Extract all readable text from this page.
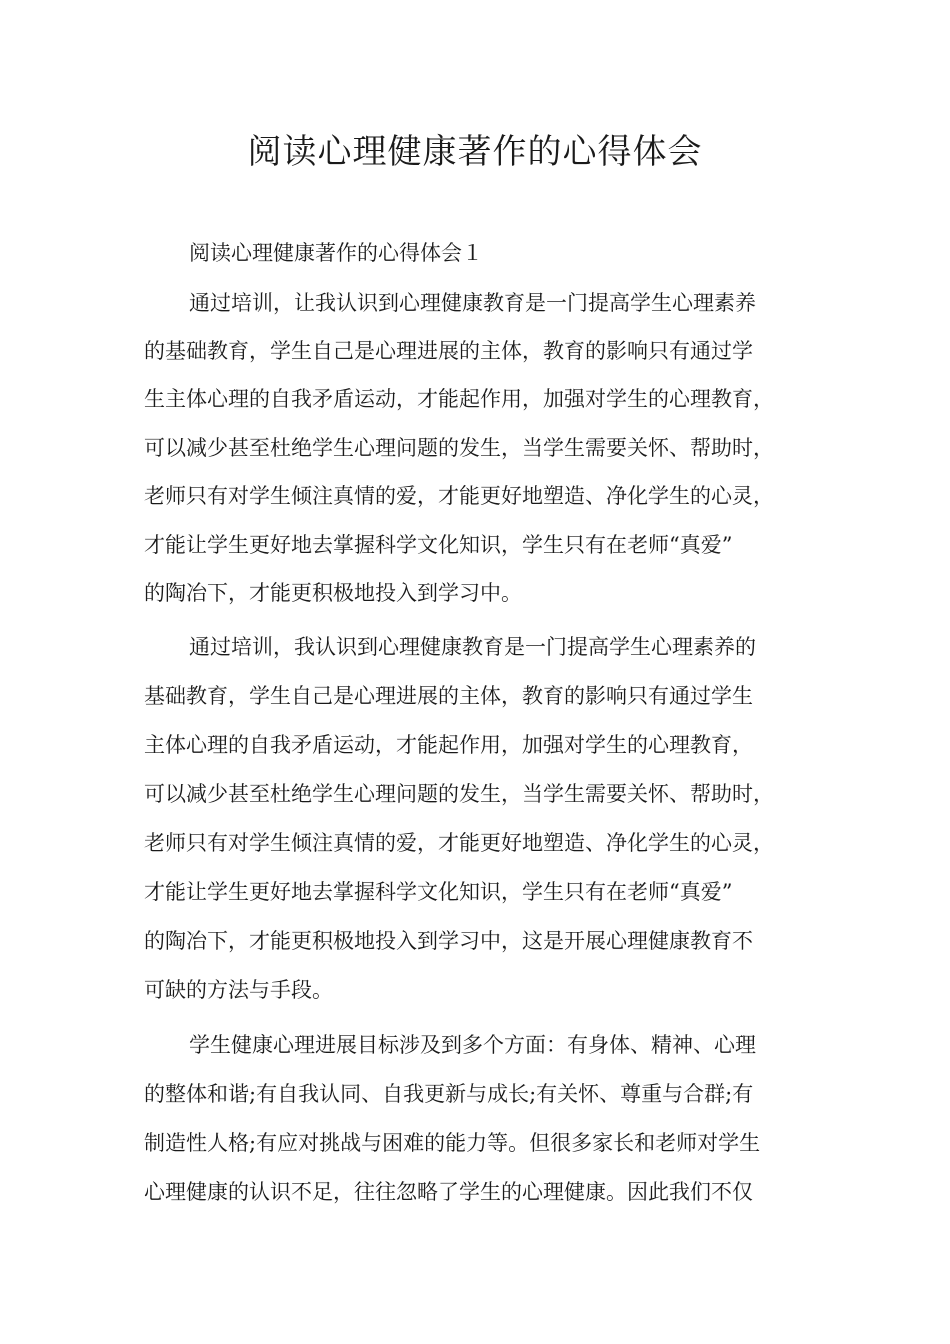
阅读心理健康著作的心得体会
阅读心理健康著作的心得体会１
通过培训，让我认识到心理健康教育是一门提高学生心理素养
的基础教育，学生自己是心理进展的主体，教育的影响只有通过学
生主体心理的自我矛盾运动，才能起作用，加强对学生的心理教育，
可以减少甚至杜绝学生心理问题的发生，当学生需要关怀、帮助时，
老师只有对学生倾注真情的爱，才能更好地塑造、净化学生的心灵，
才能让学生更好地去掌握科学文化知识，学生只有在老师“真爱”
的陶冶下，才能更积极地投入到学习中。
通过培训，我认识到心理健康教育是一门提高学生心理素养的
基础教育，学生自己是心理进展的主体，教育的影响只有通过学生
主体心理的自我矛盾运动，才能起作用，加强对学生的心理教育，
可以减少甚至杜绝学生心理问题的发生，当学生需要关怀、帮助时，
老师只有对学生倾注真情的爱，才能更好地塑造、净化学生的心灵，
才能让学生更好地去掌握科学文化知识，学生只有在老师“真爱”
的陶冶下，才能更积极地投入到学习中，这是开展心理健康教育不
可缺的方法与手段。
学生健康心理进展目标涉及到多个方面：有身体、精神、心理
的整体和谐;有自我认同、自我更新与成长;有关怀、尊重与合群;有
制造性人格;有应对挑战与困难的能力等。但很多家长和老师对学生
心理健康的认识不足，往往忽略了学生的心理健康。因此我们不仅
